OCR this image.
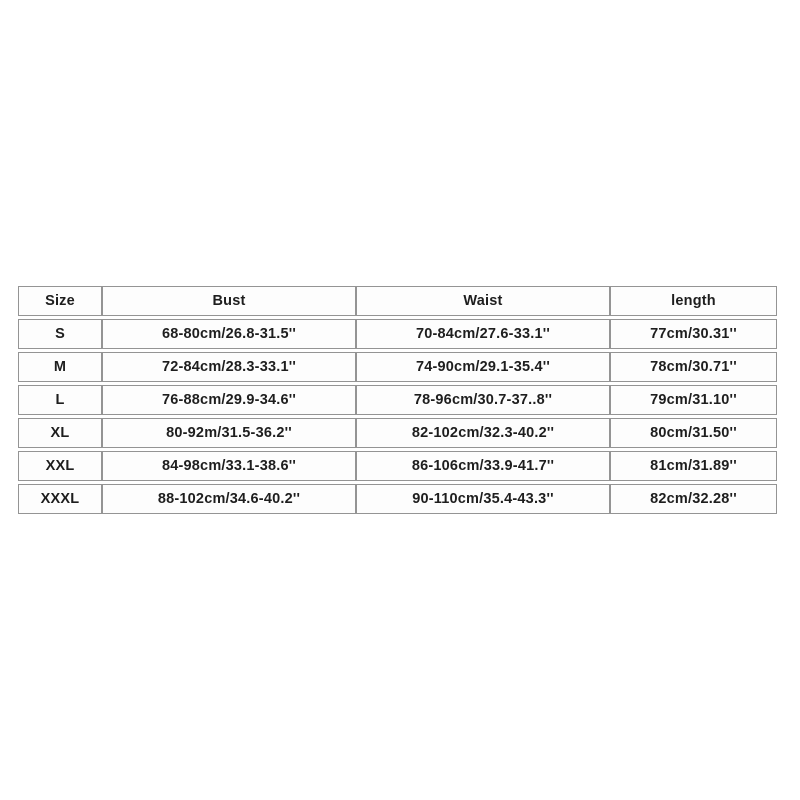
Size	Bust	Waist	length
S	68-80cm/26.8-31.5''	70-84cm/27.6-33.1''	77cm/30.31''
M	72-84cm/28.3-33.1''	74-90cm/29.1-35.4''	78cm/30.71''
L	76-88cm/29.9-34.6''	78-96cm/30.7-37..8''	79cm/31.10''
XL	80-92m/31.5-36.2''	82-102cm/32.3-40.2''	80cm/31.50''
XXL	84-98cm/33.1-38.6''	86-106cm/33.9-41.7''	81cm/31.89''
XXXL	88-102cm/34.6-40.2''	90-110cm/35.4-43.3''	82cm/32.28''
